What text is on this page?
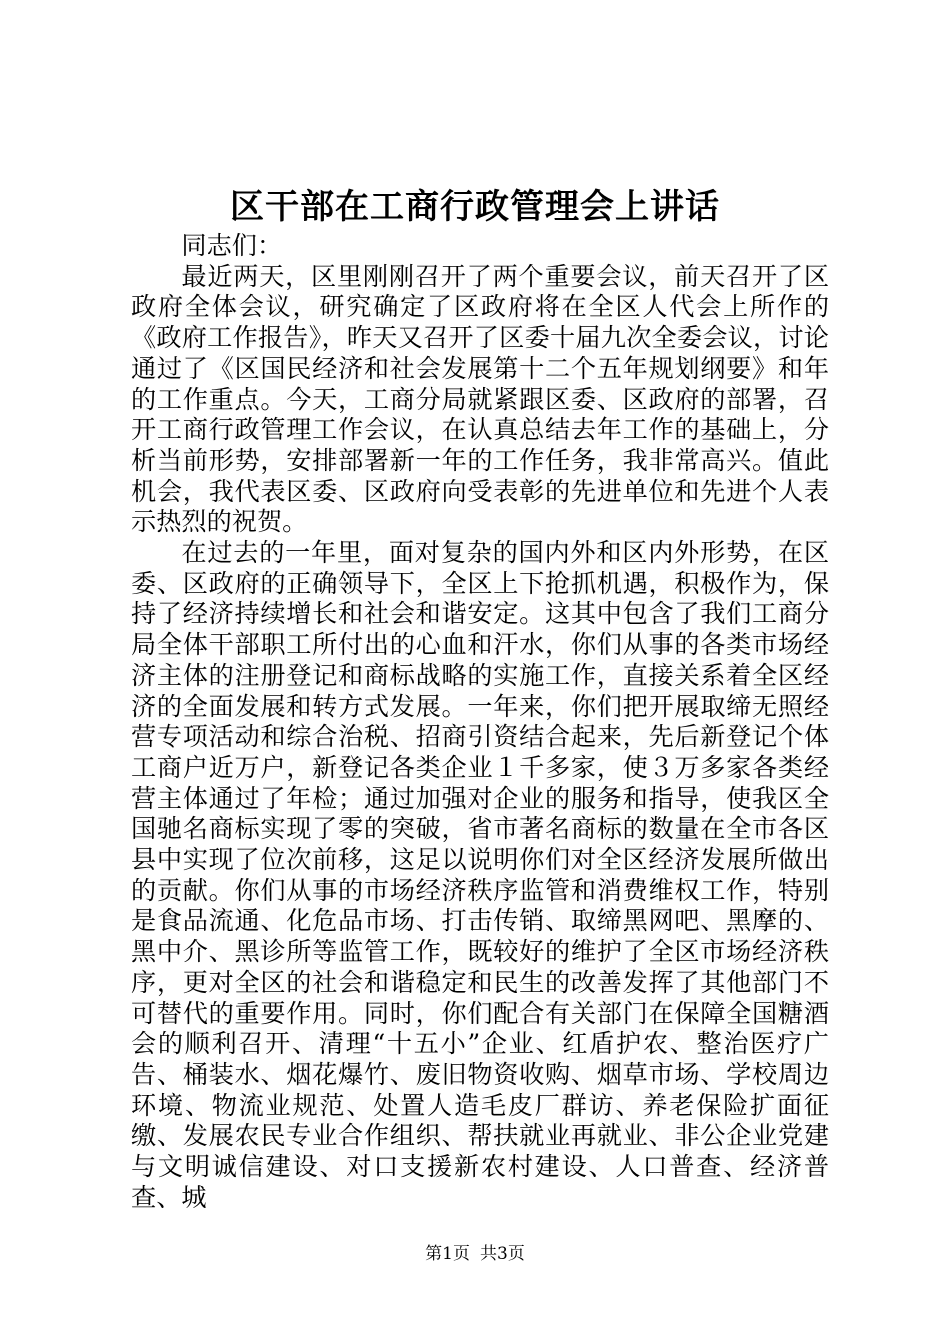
区干部在工商行政管理会上讲话

同志们：

最近两天，区里刚刚召开了两个重要会议，前天召开了区政府全体会议，研究确定了区政府将在全区人代会上所作的《政府工作报告》，昨天又召开了区委十届九次全委会议，讨论通过了《区国民经济和社会发展第十二个五年规划纲要》和年的工作重点。今天，工商分局就紧跟区委、区政府的部署，召开工商行政管理工作会议，在认真总结去年工作的基础上，分析当前形势，安排部署新一年的工作任务，我非常高兴。值此机会，我代表区委、区政府向受表彰的先进单位和先进个人表示热烈的祝贺。

在过去的一年里，面对复杂的国内外和区内外形势，在区委、区政府的正确领导下，全区上下抢抓机遇，积极作为，保持了经济持续增长和社会和谐安定。这其中包含了我们工商分局全体干部职工所付出的心血和汗水，你们从事的各类市场经济主体的注册登记和商标战略的实施工作，直接关系着全区经济的全面发展和转方式发展。一年来，你们把开展取缔无照经营专项活动和综合治税、招商引资结合起来，先后新登记个体工商户近万户，新登记各类企业１千多家，使３万多家各类经营主体通过了年检；通过加强对企业的服务和指导，使我区全国驰名商标实现了零的突破，省市著名商标的数量在全市各区县中实现了位次前移，这足以说明你们对全区经济发展所做出的贡献。你们从事的市场经济秩序监管和消费维权工作，特别是食品流通、化危品市场、打击传销、取缔黑网吧、黑摩的、黑中介、黑诊所等监管工作，既较好的维护了全区市场经济秩序，更对全区的社会和谐稳定和民生的改善发挥了其他部门不可替代的重要作用。同时，你们配合有关部门在保障全国糖酒会的顺利召开、清理“十五小”企业、红盾护农、整治医疗广告、桶装水、烟花爆竹、废旧物资收购、烟草市场、学校周边环境、物流业规范、处置人造毛皮厂群访、养老保险扩面征缴、发展农民专业合作组织、帮扶就业再就业、非公企业党建与文明诚信建设、对口支援新农村建设、人口普查、经济普查、城

第1页 共3页
